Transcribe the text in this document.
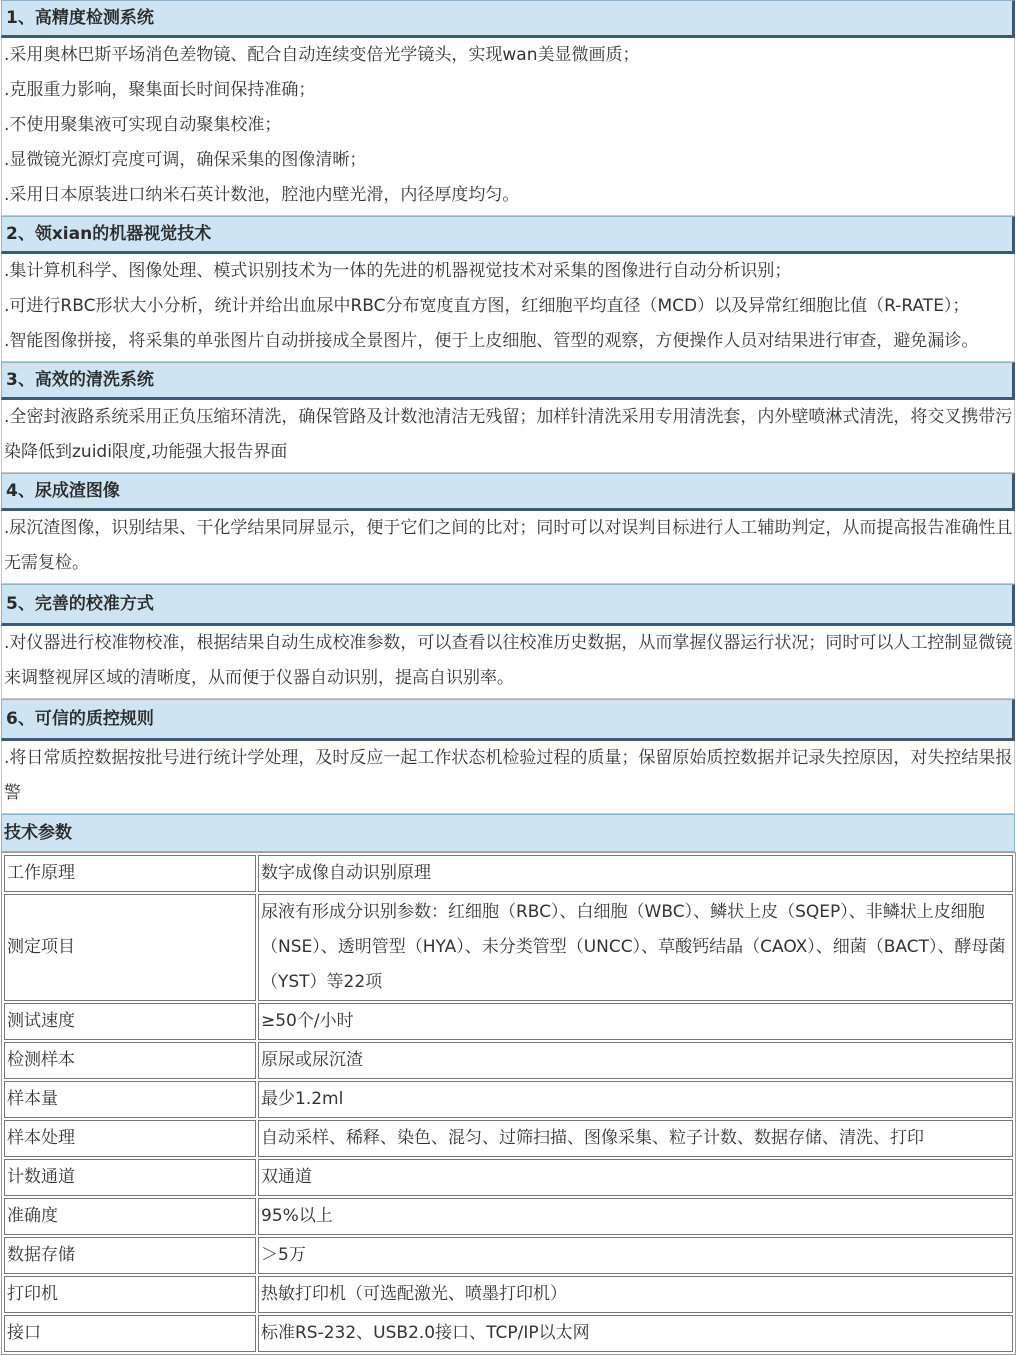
1、高精度检测系统

.采用奥林巴斯平场消色差物镜、配合自动连续变倍光学镜头，实现wan美显微画质；

.克服重力影响，聚集面长时间保持准确；

.不使用聚集液可实现自动聚集校准；

.显微镜光源灯亮度可调，确保采集的图像清晰；

.采用日本原装进口纳米石英计数池，腔池内壁光滑，内径厚度均匀。

2、领xian的机器视觉技术

.集计算机科学、图像处理、模式识别技术为一体的先进的机器视觉技术对采集的图像进行自动分析识别；

.可进行RBC形状大小分析，统计并给出血尿中RBC分布宽度直方图，红细胞平均直径（MCD）以及异常红细胞比值（R-RATE）；

.智能图像拼接，将采集的单张图片自动拼接成全景图片，便于上皮细胞、管型的观察，方便操作人员对结果进行审查，避免漏诊。

3、高效的清洗系统

.全密封液路系统采用正负压缩环清洗，确保管路及计数池清洁无残留；加样针清洗采用专用清洗套，内外壁喷淋式清洗，将交叉携带污染降低到zuidi限度,功能强大报告界面

4、尿成渣图像

.尿沉渣图像，识别结果、干化学结果同屏显示，便于它们之间的比对；同时可以对误判目标进行人工辅助判定，从而提高报告准确性且无需复检。

5、完善的校准方式

.对仪器进行校准物校准，根据结果自动生成校准参数，可以查看以往校准历史数据，从而掌握仪器运行状况；同时可以人工控制显微镜来调整视屏区域的清晰度，从而便于仪器自动识别，提高自识别率。

6、可信的质控规则

.将日常质控数据按批号进行统计学处理，及时反应一起工作状态机检验过程的质量；保留原始质控数据并记录失控原因，对失控结果报警

技术参数
工作原理	数字成像自动识别原理
测定项目	尿液有形成分识别参数：红细胞（RBC）、白细胞（WBC）、鳞状上皮（SQEP）、非鳞状上皮细胞（NSE）、透明管型（HYA）、未分类管型（UNCC）、草酸钙结晶（CAOX）、细菌（BACT）、酵母菌（YST）等22项
测试速度	≥50个/小时
检测样本	原尿或尿沉渣
样本量	最少1.2ml
样本处理	自动采样、稀释、染色、混匀、过筛扫描、图像采集、粒子计数、数据存储、清洗、打印
计数通道	双通道
准确度	95%以上
数据存储	＞5万
打印机	热敏打印机（可选配激光、喷墨打印机）
接口	标准RS-232、USB2.0接口、TCP/IP以太网
